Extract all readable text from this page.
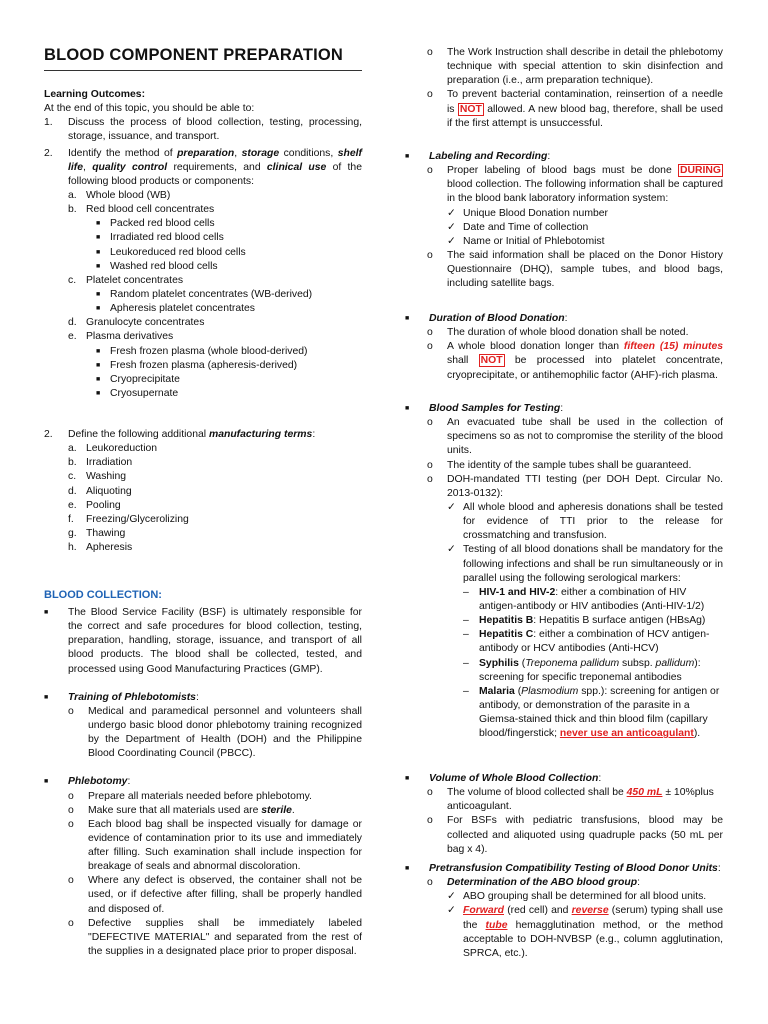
BLOOD COMPONENT PREPARATION

Learning Outcomes:

At the end of this topic, you should be able to:

1.	Discuss the process of blood collection, testing, processing, storage, issuance, and transport.
2.	Identify the method of preparation, storage conditions, shelf life, quality control requirements, and clinical use of the following blood products or components:
a. Whole blood (WB)
b. Red blood cell concentrates
■ Packed red blood cells
■ Irradiated red blood cells
■ Leukoreduced red blood cells
■ Washed red blood cells
c. Platelet concentrates
■ Random platelet concentrates (WB-derived)
■ Apheresis platelet concentrates
d. Granulocyte concentrates
e. Plasma derivatives
■ Fresh frozen plasma (whole blood-derived)
■ Fresh frozen plasma (apheresis-derived)
■ Cryoprecipitate
■ Cryosupernate
2.	Define the following additional manufacturing terms:
a. Leukoreduction
b. Irradiation
c. Washing
d. Aliquoting
e. Pooling
f.	Freezing/Glycerolizing
g. Thawing
h. Apheresis

BLOOD COLLECTION:

■	The Blood Service Facility (BSF) is ultimately responsible for the correct and safe procedures for blood collection, testing, preparation, handling, storage, issuance, and transport of all blood products. The blood shall be collected, tested, and processed using Good Manufacturing Practices (GMP).
■	Training of Phlebotomists:
o	Medical and paramedical personnel and volunteers shall undergo basic blood donor phlebotomy training recognized by the Department of Health (DOH) and the Philippine Blood Coordinating Council (PBCC).
■	Phlebotomy:
o	Prepare all materials needed before phlebotomy.
o	Make sure that all materials used are sterile.
o	Each blood bag shall be inspected visually for damage or evidence of contamination prior to its use and immediately after filling. Such examination shall include inspection for breakage of seals and abnormal discoloration.
o	Where any defect is observed, the container shall not be used, or if defective after filling, shall be properly handled and disposed of.
o	Defective supplies shall be immediately labeled "DEFECTIVE MATERIAL" and separated from the rest of the supplies in a designated place prior to proper disposal.
o	The Work Instruction shall describe in detail the phlebotomy technique with special attention to skin disinfection and preparation (i.e., arm preparation technique).
o	To prevent bacterial contamination, reinsertion of a needle is NOT allowed. A new blood bag, therefore, shall be used if the first attempt is unsuccessful.
■	Labeling and Recording:
o	Proper labeling of blood bags must be done DURING blood collection. The following information shall be captured in the blood bank laboratory information system:
✓ Unique Blood Donation number
✓ Date and Time of collection
✓ Name or Initial of Phlebotomist
o	The said information shall be placed on the Donor History Questionnaire (DHQ), sample tubes, and blood bags, including satellite bags.
■	Duration of Blood Donation:
o	The duration of whole blood donation shall be noted.
o	A whole blood donation longer than fifteen (15) minutes shall NOT be processed into platelet concentrate, cryoprecipitate, or antihemophilic factor (AHF)-rich plasma.
■	Blood Samples for Testing:
o	An evacuated tube shall be used in the collection of specimens so as not to compromise the sterility of the blood units.
o	The identity of the sample tubes shall be guaranteed.
o	DOH-mandated TTI testing (per DOH Dept. Circular No. 2013-0132):
✓ All whole blood and apheresis donations shall be tested for evidence of TTI prior to the release for crossmatching and transfusion.
✓ Testing of all blood donations shall be mandatory for the following infections and shall be run simultaneously or in parallel using the following serological markers:
– HIV-1 and HIV-2: either a combination of HIV antigen-antibody or HIV antibodies (Anti-HIV-1/2)
– Hepatitis B: Hepatitis B surface antigen (HBsAg)
– Hepatitis C: either a combination of HCV antigen-antibody or HCV antibodies (Anti-HCV)
– Syphilis (Treponema pallidum subsp. pallidum): screening for specific treponemal antibodies
– Malaria (Plasmodium spp.): screening for antigen or antibody, or demonstration of the parasite in a Giemsa-stained thick and thin blood film (capillary blood/fingerstick; never use an anticoagulant).
■	Volume of Whole Blood Collection:
o	The volume of blood collected shall be 450 mL ± 10%plus anticoagulant.
o	For BSFs with pediatric transfusions, blood may be collected and aliquoted using quadruple packs (50 mL per bag x 4).
■	Pretransfusion Compatibility Testing of Blood Donor Units:
o	Determination of the ABO blood group:
✓ ABO grouping shall be determined for all blood units.
✓ Forward (red cell) and reverse (serum) typing shall use the tube hemagglutination method, or the method acceptable to DOH-NVBSP (e.g., column agglutination, SPRCA, etc.).
